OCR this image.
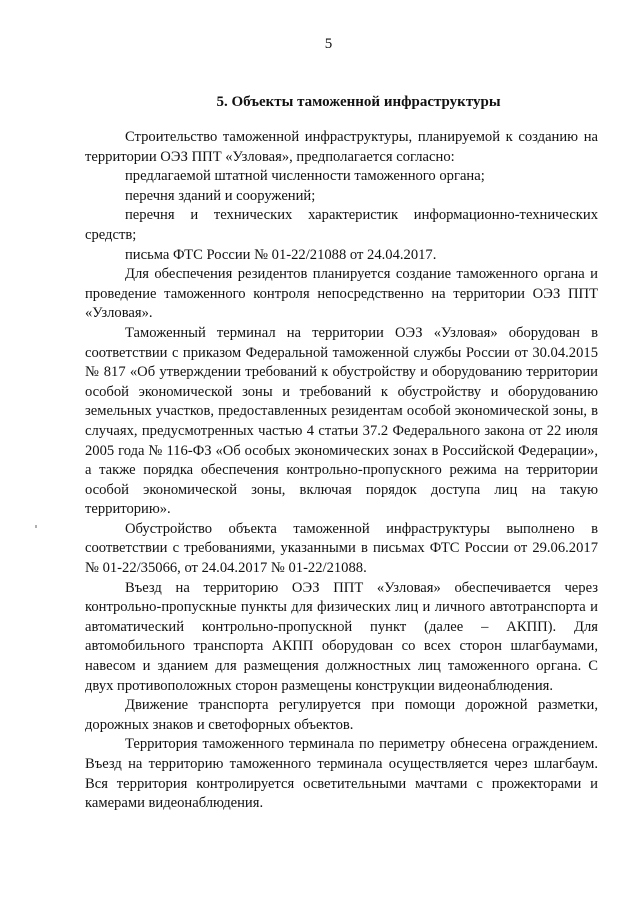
5
5. Объекты таможенной инфраструктуры

Строительство таможенной инфраструктуры, планируемой к созданию на территории ОЭЗ ППТ «Узловая», предполагается согласно:

предлагаемой штатной численности таможенного органа;

перечня зданий и сооружений;

перечня и технических характеристик информационно-технических средств;

письма ФТС России № 01-22/21088 от 24.04.2017.

Для обеспечения резидентов планируется создание таможенного органа и проведение таможенного контроля непосредственно на территории ОЭЗ ППТ «Узловая».

Таможенный терминал на территории ОЭЗ «Узловая» оборудован в соответствии с приказом Федеральной таможенной службы России от 30.04.2015 № 817 «Об утверждении требований к обустройству и оборудованию территории особой экономической зоны и требований к обустройству и оборудованию земельных участков, предоставленных резидентам особой экономической зоны, в случаях, предусмотренных частью 4 статьи 37.2 Федерального закона от 22 июля 2005 года № 116-ФЗ «Об особых экономических зонах в Российской Федерации», а также порядка обеспечения контрольно-пропускного режима на территории особой экономической зоны, включая порядок доступа лиц на такую территорию».

Обустройство объекта таможенной инфраструктуры выполнено в соответствии с требованиями, указанными в письмах ФТС России от 29.06.2017 № 01-22/35066, от 24.04.2017 № 01-22/21088.

Въезд на территорию ОЭЗ ППТ «Узловая» обеспечивается через контрольно-пропускные пункты для физических лиц и личного автотранспорта и автоматический контрольно-пропускной пункт (далее – АКПП). Для автомобильного транспорта АКПП оборудован со всех сторон шлагбаумами, навесом и зданием для размещения должностных лиц таможенного органа. С двух противоположных сторон размещены конструкции видеонаблюдения.

Движение транспорта регулируется при помощи дорожной разметки, дорожных знаков и светофорных объектов.

Территория таможенного терминала по периметру обнесена ограждением. Въезд на территорию таможенного терминала осуществляется через шлагбаум. Вся территория контролируется осветительными мачтами с прожекторами и камерами видеонаблюдения.
